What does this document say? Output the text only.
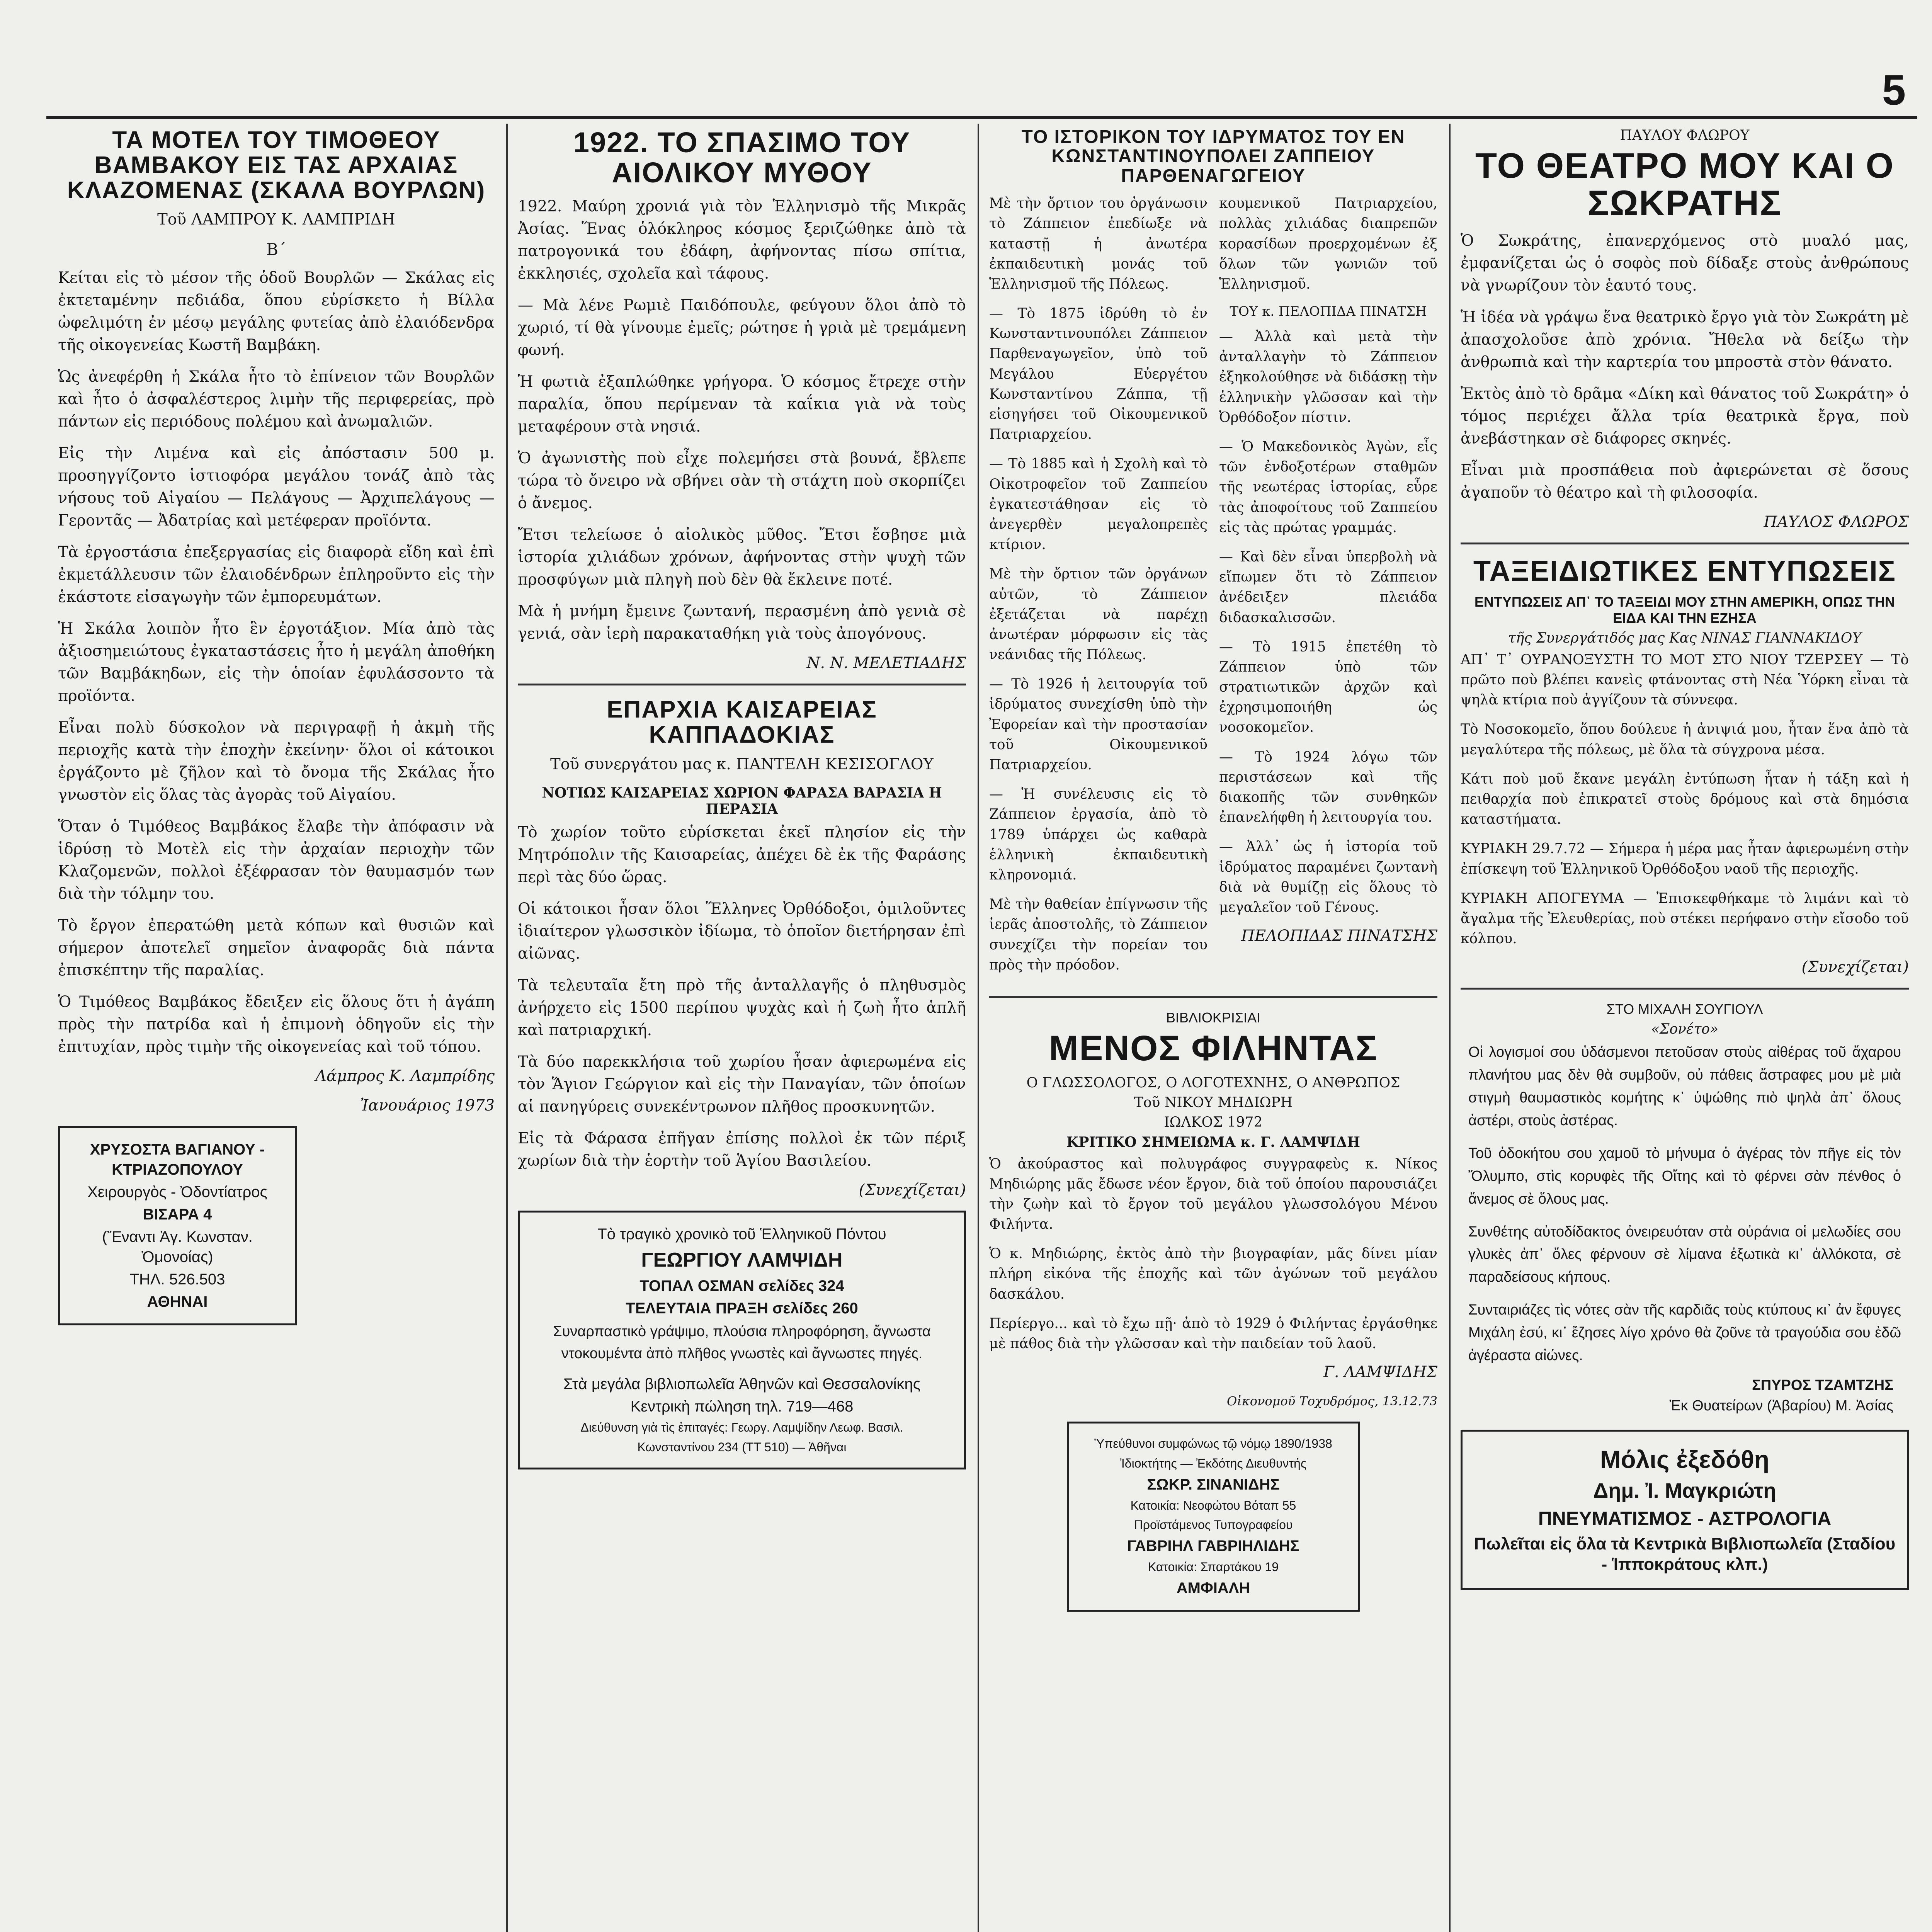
5
ΤΑ ΜΟΤΕΛ ΤΟΥ ΤΙΜΟΘΕΟΥ ΒΑΜΒΑΚΟΥ ΕΙΣ ΤΑΣ ΑΡΧΑΙΑΣ ΚΛΑΖΟΜΕΝΑΣ (ΣΚΑΛΑ ΒΟΥΡΛΩΝ)
Τοῦ ΛΑΜΠΡΟΥ Κ. ΛΑΜΠΡΙΔΗ
Β΄

Κείται εἰς τὸ μέσον τῆς ὁδοῦ Βουρλῶν — Σκάλας εἰς ἐκτεταμένην πεδιάδα, ὅπου εὑρίσκετο ἡ Βίλλα ὠφελιμότη ἐν μέσῳ μεγάλης φυτείας ἀπὸ ἐλαιόδενδρα τῆς οἰκογενείας Κωστῆ Βαμβάκη.

Ὡς ἀνεφέρθη ἡ Σκάλα ἦτο τὸ ἐπίνειον τῶν Βουρλῶν καὶ ἦτο ὁ ἀσφαλέστερος λιμὴν τῆς περιφερείας, πρὸ πάντων εἰς περιόδους πολέμου καὶ ἀνωμαλιῶν.

Εἰς τὴν Λιμένα καὶ εἰς ἀπόστασιν 500 μ. προσηγγίζοντο ἱστιοφόρα μεγάλου τονάζ ἀπὸ τὰς νήσους τοῦ Αἰγαίου — Πελάγους — Ἀρχιπελάγους — Γεροντᾶς — Ἀδατρίας καὶ μετέφεραν προϊόντα.

Τὰ ἐργοστάσια ἐπεξεργασίας εἰς διαφορὰ εἴδη καὶ ἐπὶ ἐκμετάλλευσιν τῶν ἐλαιοδένδρων ἐπληροῦντο εἰς τὴν ἑκάστοτε εἰσαγωγὴν τῶν ἐμπορευμάτων.

Ἡ Σκάλα λοιπὸν ἦτο ἓν ἐργοτάξιον. Μία ἀπὸ τὰς ἀξιοσημειώτους ἐγκαταστάσεις ἦτο ἡ μεγάλη ἀποθήκη τῶν Βαμβάκηδων, εἰς τὴν ὁποίαν ἐφυλάσσοντο τὰ προϊόντα.

Εἶναι πολὺ δύσκολον νὰ περιγραφῇ ἡ ἀκμὴ τῆς περιοχῆς κατὰ τὴν ἐποχὴν ἐκείνην· ὅλοι οἱ κάτοικοι ἐργάζοντο μὲ ζῆλον καὶ τὸ ὄνομα τῆς Σκάλας ἦτο γνωστὸν εἰς ὅλας τὰς ἀγορὰς τοῦ Αἰγαίου.

Ὅταν ὁ Τιμόθεος Βαμβάκος ἔλαβε τὴν ἀπόφασιν νὰ ἱδρύσῃ τὸ Μοτὲλ εἰς τὴν ἀρχαίαν περιοχὴν τῶν Κλαζομενῶν, πολλοὶ ἐξέφρασαν τὸν θαυμασμόν των διὰ τὴν τόλμην του.

Τὸ ἔργον ἐπερατώθη μετὰ κόπων καὶ θυσιῶν καὶ σήμερον ἀποτελεῖ σημεῖον ἀναφορᾶς διὰ πάντα ἐπισκέπτην τῆς παραλίας.

Ὁ Τιμόθεος Βαμβάκος ἔδειξεν εἰς ὅλους ὅτι ἡ ἀγάπη πρὸς τὴν πατρίδα καὶ ἡ ἐπιμονὴ ὁδηγοῦν εἰς τὴν ἐπιτυχίαν, πρὸς τιμὴν τῆς οἰκογενείας καὶ τοῦ τόπου.

Λάμπρος Κ. Λαμπρίδης
Ἰανουάριος 1973
ΧΡΥΣΟΣΤΑ ΒΑΓΙΑΝΟΥ - ΚΤΡΙΑΖΟΠΟΥΛΟΥ
Χειρουργὸς - Ὀδοντίατρος
ΒΙΣΑΡΑ 4
(Ἔναντι Ἁγ. Κωνσταν. Ὁμονοίας)
ΤΗΛ. 526.503
ΑΘΗΝΑΙ
1922. ΤΟ ΣΠΑΣΙΜΟ ΤΟΥ ΑΙΟΛΙΚΟΥ ΜΥΘΟΥ

1922. Μαύρη χρονιά γιὰ τὸν Ἑλληνισμὸ τῆς Μικρᾶς Ἀσίας. Ἕνας ὁλόκληρος κόσμος ξεριζώθηκε ἀπὸ τὰ πατρογονικά του ἐδάφη, ἀφήνοντας πίσω σπίτια, ἐκκλησιές, σχολεῖα καὶ τάφους.

— Μὰ λένε Ρωμιὲ Παιδόπουλε, φεύγουν ὅλοι ἀπὸ τὸ χωριό, τί θὰ γίνουμε ἐμεῖς; ρώτησε ἡ γριὰ μὲ τρεμάμενη φωνή.

Ἡ φωτιὰ ἐξαπλώθηκε γρήγορα. Ὁ κόσμος ἔτρεχε στὴν παραλία, ὅπου περίμεναν τὰ καΐκια γιὰ νὰ τοὺς μεταφέρουν στὰ νησιά.

Ὁ ἀγωνιστὴς ποὺ εἶχε πολεμήσει στὰ βουνά, ἔβλεπε τώρα τὸ ὄνειρο νὰ σβήνει σὰν τὴ στάχτη ποὺ σκορπίζει ὁ ἄνεμος.

Ἔτσι τελείωσε ὁ αἰολικὸς μῦθος. Ἔτσι ἔσβησε μιὰ ἱστορία χιλιάδων χρόνων, ἀφήνοντας στὴν ψυχὴ τῶν προσφύγων μιὰ πληγὴ ποὺ δὲν θὰ ἔκλεινε ποτέ.

Μὰ ἡ μνήμη ἔμεινε ζωντανή, περασμένη ἀπὸ γενιὰ σὲ γενιά, σὰν ἱερὴ παρακαταθήκη γιὰ τοὺς ἀπογόνους.

Ν. Ν. ΜΕΛΕΤΙΑΔΗΣ
ΕΠΑΡΧΙΑ ΚΑΙΣΑΡΕΙΑΣ ΚΑΠΠΑΔΟΚΙΑΣ
Τοῦ συνεργάτου μας κ. ΠΑΝΤΕΛΗ ΚΕΣΙΣΟΓΛΟΥ
ΝΟΤΙΩΣ ΚΑΙΣΑΡΕΙΑΣ ΧΩΡΙΟΝ ΦΑΡΑΣΑ ΒΑΡΑΣΙΑ Η ΠΕΡΑΣΙΑ

Τὸ χωρίον τοῦτο εὑρίσκεται ἐκεῖ πλησίον εἰς τὴν Μητρόπολιν τῆς Καισαρείας, ἀπέχει δὲ ἐκ τῆς Φαράσης περὶ τὰς δύο ὥρας.

Οἱ κάτοικοι ἦσαν ὅλοι Ἕλληνες Ὀρθόδοξοι, ὁμιλοῦντες ἰδιαίτερον γλωσσικὸν ἰδίωμα, τὸ ὁποῖον διετήρησαν ἐπὶ αἰῶνας.

Τὰ τελευταῖα ἔτη πρὸ τῆς ἀνταλλαγῆς ὁ πληθυσμὸς ἀνήρχετο εἰς 1500 περίπου ψυχὰς καὶ ἡ ζωὴ ἦτο ἁπλῆ καὶ πατριαρχική.

Τὰ δύο παρεκκλήσια τοῦ χωρίου ἦσαν ἀφιερωμένα εἰς τὸν Ἅγιον Γεώργιον καὶ εἰς τὴν Παναγίαν, τῶν ὁποίων αἱ πανηγύρεις συνεκέντρωνον πλῆθος προσκυνητῶν.

Εἰς τὰ Φάρασα ἐπῆγαν ἐπίσης πολλοὶ ἐκ τῶν πέριξ χωρίων διὰ τὴν ἑορτὴν τοῦ Ἁγίου Βασιλείου.

(Συνεχίζεται)
Τὸ τραγικὸ χρονικὸ τοῦ Ἑλληνικοῦ Πόντου
ΓΕΩΡΓΙΟΥ ΛΑΜΨΙΔΗ
ΤΟΠΑΛ ΟΣΜΑΝ σελίδες 324
ΤΕΛΕΥΤΑΙΑ ΠΡΑΞΗ σελίδες 260

Συναρπαστικὸ γράψιμο, πλούσια πληροφόρηση, ἄγνωστα ντοκουμέντα ἀπὸ πλῆθος γνωστὲς καὶ ἄγνωστες πηγές.

Στὰ μεγάλα βιβλιοπωλεῖα Ἀθηνῶν καὶ Θεσσαλονίκης
Κεντρικὴ πώληση τηλ. 719—468
Διεύθυνση γιὰ τὶς ἐπιταγές: Γεωργ. Λαμψίδην Λεωφ. Βασιλ.
Κωνσταντίνου 234 (ΤΤ 510) — Ἀθῆναι
ΤΟ ΙΣΤΟΡΙΚΟΝ ΤΟΥ ΙΔΡΥΜΑΤΟΣ ΤΟΥ ΕΝ ΚΩΝΣΤΑΝΤΙΝΟΥΠΟΛΕΙ ΖΑΠΠΕΙΟΥ ΠΑΡΘΕΝΑΓΩΓΕΙΟΥ

Μὲ τὴν ὄρτιον του ὀργάνωσιν τὸ Ζάππειον ἐπεδίωξε νὰ καταστῇ ἡ ἀνωτέρα ἐκπαιδευτικὴ μονάς τοῦ Ἑλληνισμοῦ τῆς Πόλεως.

— Τὸ 1875 ἱδρύθη τὸ ἐν Κωνσταντινουπόλει Ζάππειον Παρθεναγωγεῖον, ὑπὸ τοῦ Μεγάλου Εὐεργέτου Κωνσταντίνου Ζάππα, τῇ εἰσηγήσει τοῦ Οἰκουμενικοῦ Πατριαρχείου.

— Τὸ 1885 καὶ ἡ Σχολὴ καὶ τὸ Οἰκοτροφεῖον τοῦ Ζαππείου ἐγκατεστάθησαν εἰς τὸ ἀνεγερθὲν μεγαλοπρεπὲς κτίριον.

Μὲ τὴν ὄρτιον τῶν ὀργάνων αὐτῶν, τὸ Ζάππειον ἐξετάζεται νὰ παρέχῃ ἀνωτέραν μόρφωσιν εἰς τὰς νεάνιδας τῆς Πόλεως.

— Τὸ 1926 ἡ λειτουργία τοῦ ἱδρύματος συνεχίσθη ὑπὸ τὴν Ἐφορείαν καὶ τὴν προστασίαν τοῦ Οἰκουμενικοῦ Πατριαρχείου.

— Ἡ συνέλευσις εἰς τὸ Ζάππειον ἐργασία, ἀπὸ τὸ 1789 ὑπάρχει ὡς καθαρὰ ἑλληνικὴ ἐκπαιδευτικὴ κληρονομιά.

Μὲ τὴν θαθείαν ἐπίγνωσιν τῆς ἱερᾶς ἀποστολῆς, τὸ Ζάππειον συνεχίζει τὴν πορείαν του πρὸς τὴν πρόοδον.

κουμενικοῦ Πατριαρχείου, πολλὰς χιλιάδας διαπρεπῶν κορασίδων προερχομένων ἐξ ὅλων τῶν γωνιῶν τοῦ Ἑλληνισμοῦ.

ΤΟΥ κ. ΠΕΛΟΠΙΔΑ ΠΙΝΑΤΣΗ

— Ἀλλὰ καὶ μετὰ τὴν ἀνταλλαγὴν τὸ Ζάππειον ἐξηκολούθησε νὰ διδάσκῃ τὴν ἑλληνικὴν γλῶσσαν καὶ τὴν Ὀρθόδοξον πίστιν.

— Ὁ Μακεδονικὸς Ἀγὼν, εἷς τῶν ἐνδοξοτέρων σταθμῶν τῆς νεωτέρας ἱστορίας, εὗρε τὰς ἀποφοίτους τοῦ Ζαππείου εἰς τὰς πρώτας γραμμάς.

— Καὶ δὲν εἶναι ὑπερβολὴ νὰ εἴπωμεν ὅτι τὸ Ζάππειον ἀνέδειξεν πλειάδα διδασκαλισσῶν.

— Τὸ 1915 ἐπετέθη τὸ Ζάππειον ὑπὸ τῶν στρατιωτικῶν ἀρχῶν καὶ ἐχρησιμοποιήθη ὡς νοσοκομεῖον.

— Τὸ 1924 λόγω τῶν περιστάσεων καὶ τῆς διακοπῆς τῶν συνθηκῶν ἐπανελήφθη ἡ λειτουργία του.

— Ἀλλ᾽ ὡς ἡ ἱστορία τοῦ ἱδρύματος παραμένει ζωντανὴ διὰ νὰ θυμίζῃ εἰς ὅλους τὸ μεγαλεῖον τοῦ Γένους.

ΠΕΛΟΠΙΔΑΣ ΠΙΝΑΤΣΗΣ
ΒΙΒΛΙΟΚΡΙΣΙΑΙ
ΜΕΝΟΣ ΦΙΛΗΝΤΑΣ
Ο ΓΛΩΣΣΟΛΟΓΟΣ, Ο ΛΟΓΟΤΕΧΝΗΣ, Ο ΑΝΘΡΩΠΟΣ
Τοῦ ΝΙΚΟΥ ΜΗΔΙΩΡΗ
ΙΩΛΚΟΣ 1972
ΚΡΙΤΙΚΟ ΣΗΜΕΙΩΜΑ κ. Γ. ΛΑΜΨΙΔΗ

Ὁ ἀκούραστος καὶ πολυγράφος συγγραφεὺς κ. Νίκος Μηδιώρης μᾶς ἔδωσε νέον ἔργον, διὰ τοῦ ὁποίου παρουσιάζει τὴν ζωὴν καὶ τὸ ἔργον τοῦ μεγάλου γλωσσολόγου Μένου Φιλήντα.

Ὁ κ. Μηδιώρης, ἐκτὸς ἀπὸ τὴν βιογραφίαν, μᾶς δίνει μίαν πλήρη εἰκόνα τῆς ἐποχῆς καὶ τῶν ἀγώνων τοῦ μεγάλου δασκάλου.

Περίεργο... καὶ τὸ ἔχω πῇ· ἀπὸ τὸ 1929 ὁ Φιλήντας ἐργάσθηκε μὲ πάθος διὰ τὴν γλῶσσαν καὶ τὴν παιδείαν τοῦ λαοῦ.

Γ. ΛΑΜΨΙΔΗΣ
Οἰκονομοῦ Τοχυδρόμος, 13.12.73
Ὑπεύθυνοι συμφώνως τῷ νόμῳ 1890/1938
Ἰδιοκτήτης — Ἐκδότης Διευθυντής
ΣΩΚΡ. ΣΙΝΑΝΙΔΗΣ
Κατοικία: Νεοφώτου Βόταπ 55
Προϊστάμενος Τυπογραφείου
ΓΑΒΡΙΗΛ ΓΑΒΡΙΗΛΙΔΗΣ
Κατοικία: Σπαρτάκου 19
ΑΜΦΙΑΛΗ
ΠΑΥΛΟΥ ΦΛΩΡΟΥ
ΤΟ ΘΕΑΤΡΟ ΜΟΥ ΚΑΙ Ο ΣΩΚΡΑΤΗΣ

Ὁ Σωκράτης, ἐπανερχόμενος στὸ μυαλό μας, ἐμφανίζεται ὡς ὁ σοφὸς ποὺ δίδαξε στοὺς ἀνθρώπους νὰ γνωρίζουν τὸν ἑαυτό τους.

Ἡ ἰδέα νὰ γράψω ἕνα θεατρικὸ ἔργο γιὰ τὸν Σωκράτη μὲ ἀπασχολοῦσε ἀπὸ χρόνια. Ἤθελα νὰ δείξω τὴν ἀνθρωπιὰ καὶ τὴν καρτερία του μπροστὰ στὸν θάνατο.

Ἐκτὸς ἀπὸ τὸ δρᾶμα «Δίκη καὶ θάνατος τοῦ Σωκράτη» ὁ τόμος περιέχει ἄλλα τρία θεατρικὰ ἔργα, ποὺ ἀνεβάστηκαν σὲ διάφορες σκηνές.

Εἶναι μιὰ προσπάθεια ποὺ ἀφιερώνεται σὲ ὅσους ἀγαποῦν τὸ θέατρο καὶ τὴ φιλοσοφία.

ΠΑΥΛΟΣ ΦΛΩΡΟΣ
ΤΑΞΕΙΔΙΩΤΙΚΕΣ ΕΝΤΥΠΩΣΕΙΣ
ΕΝΤΥΠΩΣΕΙΣ ΑΠ᾽ ΤΟ ΤΑΞΕΙΔΙ ΜΟΥ ΣΤΗΝ ΑΜΕΡΙΚΗ, ΟΠΩΣ ΤΗΝ ΕΙΔΑ ΚΑΙ ΤΗΝ ΕΖΗΣΑ
τῆς Συνεργάτιδός μας Κας ΝΙΝΑΣ ΓΙΑΝΝΑΚΙΔΟΥ

ΑΠ᾽ Τ᾽ ΟΥΡΑΝΟΞΥΣΤΗ ΤΟ ΜΟΤ ΣΤΟ ΝΙΟΥ ΤΖΕΡΣΕΥ — Τὸ πρῶτο ποὺ βλέπει κανεὶς φτάνοντας στὴ Νέα Ὑόρκη εἶναι τὰ ψηλὰ κτίρια ποὺ ἀγγίζουν τὰ σύννεφα.

Τὸ Νοσοκομεῖο, ὅπου δούλευε ἡ ἀνιψιά μου, ἦταν ἕνα ἀπὸ τὰ μεγαλύτερα τῆς πόλεως, μὲ ὅλα τὰ σύγχρονα μέσα.

Κάτι ποὺ μοῦ ἔκανε μεγάλη ἐντύπωση ἦταν ἡ τάξη καὶ ἡ πειθαρχία ποὺ ἐπικρατεῖ στοὺς δρόμους καὶ στὰ δημόσια καταστήματα.

ΚΥΡΙΑΚΗ 29.7.72 — Σήμερα ἡ μέρα μας ἦταν ἀφιερωμένη στὴν ἐπίσκεψη τοῦ Ἑλληνικοῦ Ὀρθόδοξου ναοῦ τῆς περιοχῆς.

ΚΥΡΙΑΚΗ ΑΠΟΓΕΥΜΑ — Ἐπισκεφθήκαμε τὸ λιμάνι καὶ τὸ ἄγαλμα τῆς Ἐλευθερίας, ποὺ στέκει περήφανο στὴν εἴσοδο τοῦ κόλπου.

(Συνεχίζεται)
ΣΤΟ ΜΙΧΑΛΗ ΣΟΥΓΙΟΥΛ
«Σονέτο»

Οἱ λογισμοί σου ὑδάσμενοι πετοῦσαν στοὺς αἰθέρας τοῦ ἄχαρου πλανήτου μας δὲν θὰ συμβοῦν, οὐ πάθεις ἄστραφες μου μὲ μιὰ στιγμὴ θαυμαστικὸς κομήτης κ᾽ ὑψώθης πιὸ ψηλὰ ἀπ᾽ ὅλους ἀστέρι, στοὺς ἀστέρας.

Τοῦ ὁδοκήτου σου χαμοῦ τὸ μήνυμα ὁ ἀγέρας τὸν πῆγε εἰς τὸν Ὄλυμπο, στὶς κορυφὲς τῆς Οἴτης καὶ τὸ φέρνει σὰν πένθος ὁ ἄνεμος σὲ ὅλους μας.

Συνθέτης αὐτοδίδακτος ὀνειρευόταν στὰ οὐράνια οἱ μελωδίες σου γλυκὲς ἀπ᾽ ὅλες φέρνουν σὲ λίμανα ἐξωτικὰ κι᾽ ἀλλόκοτα, σὲ παραδείσους κήπους.

Συνταιριάζες τὶς νότες σὰν τῆς καρδιᾶς τοὺς κτύπους κι᾽ ἀν ἔφυγες Μιχάλη ἐσύ, κι᾽ ἔζησες λίγο χρόνο θὰ ζοῦνε τὰ τραγούδια σου ἐδῶ ἀγέραστα αἰώνες.

ΣΠΥΡΟΣ ΤΖΑΜΤΖΗΣ
Ἐκ Θυατείρων (Ἀβαρίου) Μ. Ἀσίας
Μόλις ἐξεδόθη
Δημ. Ἰ. Μαγκριώτη
ΠΝΕΥΜΑΤΙΣΜΟΣ - ΑΣΤΡΟΛΟΓΙΑ
Πωλεῖται εἰς ὅλα τὰ Κεντρικὰ Βιβλιοπωλεῖα (Σταδίου - Ἱπποκράτους κλπ.)
